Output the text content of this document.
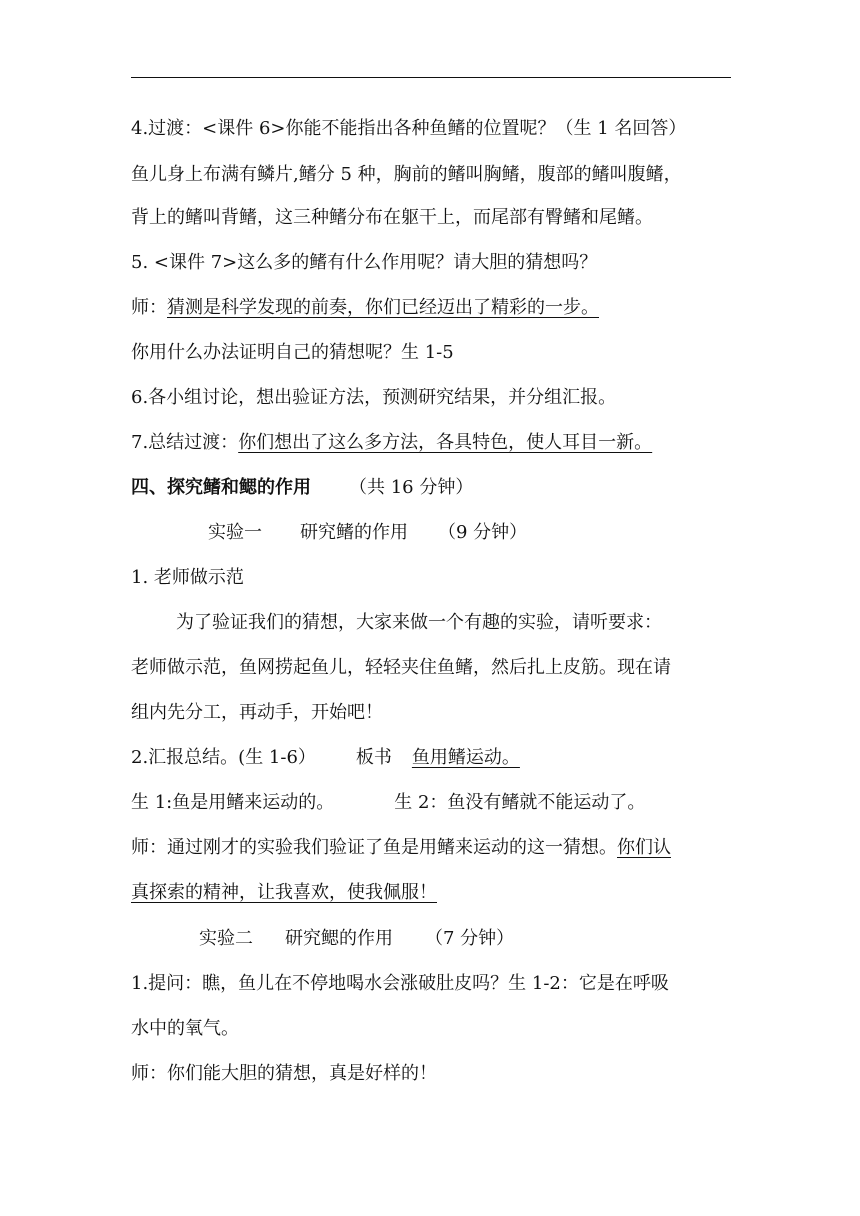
4.过渡：<课件 6>你能不能指出各种鱼鳍的位置呢？（生 1 名回答）
鱼儿身上布满有鳞片,鳍分 5 种，胸前的鳍叫胸鳍，腹部的鳍叫腹鳍，
背上的鳍叫背鳍，这三种鳍分布在躯干上，而尾部有臀鳍和尾鳍。
5. <课件 7>这么多的鳍有什么作用呢？请大胆的猜想吗？
师：猜测是科学发现的前奏，你们已经迈出了精彩的一步。
你用什么办法证明自己的猜想呢？生 1-5
6.各小组讨论，想出验证方法，预测研究结果，并分组汇报。
7.总结过渡：你们想出了这么多方法，各具特色，使人耳目一新。
四、探究鳍和鳃的作用 （共 16 分钟）
实验一 研究鳍的作用 （9 分钟）
1. 老师做示范
为了验证我们的猜想，大家来做一个有趣的实验，请听要求：
老师做示范，鱼网捞起鱼儿，轻轻夹住鱼鳍，然后扎上皮筋。现在请
组内先分工，再动手，开始吧！
2.汇报总结。(生 1-6） 板书 鱼用鳍运动。
生 1:鱼是用鳍来运动的。	生 2：鱼没有鳍就不能运动了。
师：通过刚才的实验我们验证了鱼是用鳍来运动的这一猜想。你们认
真探索的精神，让我喜欢，使我佩服！
实验二 研究鳃的作用 （7 分钟）
1.提问：瞧，鱼儿在不停地喝水会涨破肚皮吗？生 1-2：它是在呼吸
水中的氧气。
师：你们能大胆的猜想，真是好样的！
